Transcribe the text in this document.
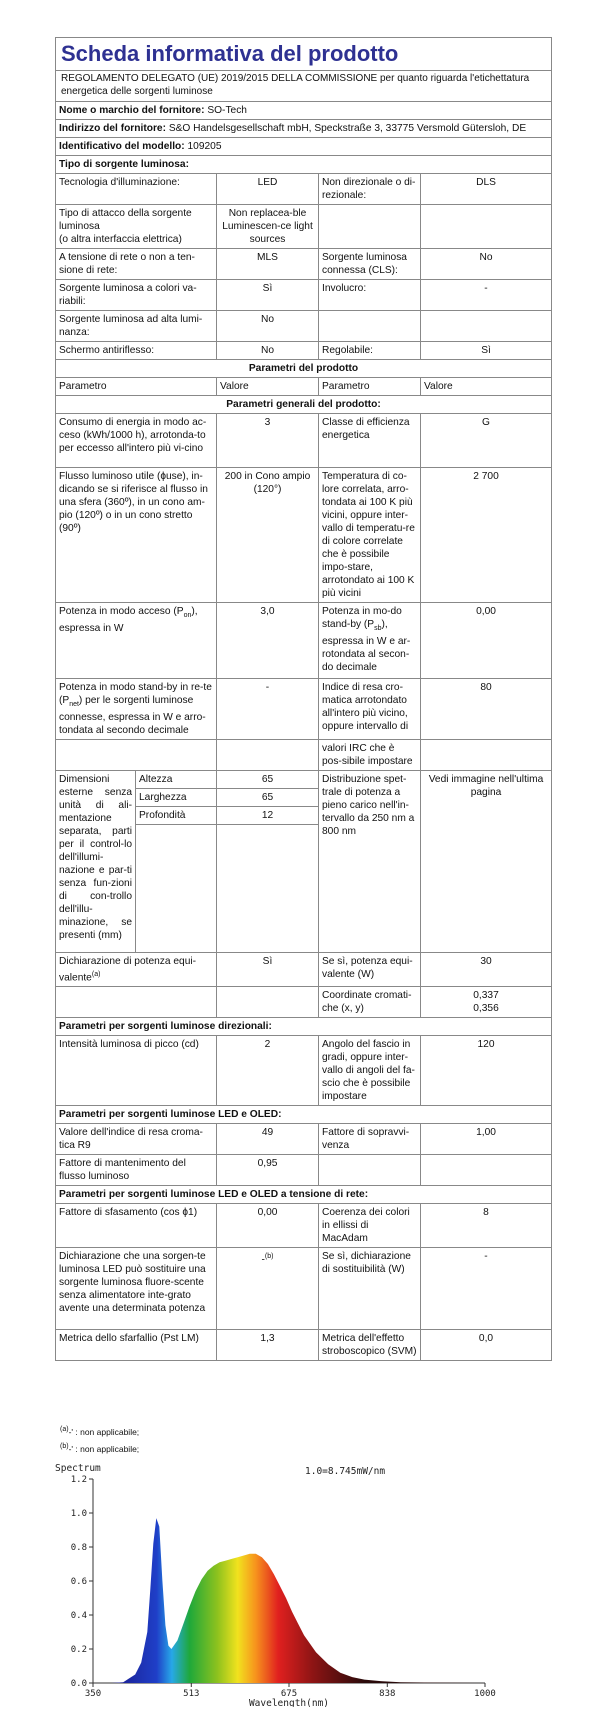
Scheda informativa del prodotto				
REGOLAMENTO DELEGATO (UE) 2019/2015 DELLA COMMISSIONE per quanto riguarda l'etichettatura energetica delle sorgenti luminose				
Nome o marchio del fornitore: SO-Tech				
Indirizzo del fornitore: S&O Handelsgesellschaft mbH, Speckstraße 3, 33775 Versmold Gütersloh, DE				
Identificativo del modello: 109205				
Tipo di sorgente luminosa:				
Tecnologia d'illuminazione:		LED	Non direzionale o di-rezionale:	DLS
Tipo di attacco della sorgente luminosa
(o altra interfaccia elettrica)		Non replacea-ble Luminescen-ce light sources		
A tensione di rete o non a ten-sione di rete:		MLS	Sorgente luminosa connessa (CLS):	No
Sorgente luminosa a colori va-riabili:		Sì	Involucro:	-
Sorgente luminosa ad alta lumi-nanza:		No		
Schermo antiriflesso:		No	Regolabile:	Sì
Parametri del prodotto				
Parametro		Valore	Parametro	Valore
Parametri generali del prodotto:				
Consumo di energia in modo ac-ceso (kWh/1000 h), arrotonda-to per eccesso all'intero più vi-cino		3	Classe di efficienza energetica	G
Flusso luminoso utile (ɸuse), in-dicando se si riferisce al flusso in una sfera (360º), in un cono am-pio (120º) o in un cono stretto (90º)		200 in Cono ampio (120°)	Temperatura di co-lore correlata, arro-tondata ai 100 K più vicini, oppure inter-vallo di temperatu-re di colore correlate che è possibile impo-stare, arrotondato ai 100 K più vicini	2 700
Potenza in modo acceso $(P_{on})$, espressa in W		3,0	Potenza in mo-do stand-by $(P_{sb})$, espressa in W e ar-rotondata al secon-do decimale	0,00
Potenza in modo stand-by in re-te $(P_{net})$ per le sorgenti luminose connesse, espressa in W e arro-tondata al secondo decimale		-	Indice di resa cro-matica arrotondato all'intero più vicino, oppure intervallo di	80
			valori IRC che è pos-sibile impostare	
Dimensioni esterne senza unità di ali-mentazione separata, parti per il control-lo dell'illumi-nazione e par-ti senza fun-zioni di con-trollo dell'illu-minazione, se presenti (mm)	Altezza	65	Distribuzione spet-trale di potenza a pieno carico nell'in-tervallo da 250 nm a 800 nm	Vedi immagine nell'ultima pagina
	Larghezza	65		
	Profondità	12		

Dichiarazione di potenza equi-valente$^{(a)}$		Sì	Se sì, potenza equi-valente (W)	30
			Coordinate cromati-che (x, y)	0,337
0,356
Parametri per sorgenti luminose direzionali:				
Intensità luminosa di picco (cd)		2	Angolo del fascio in gradi, oppure inter-vallo di angoli del fa-scio che è possibile impostare	120
Parametri per sorgenti luminose LED e OLED:				
Valore dell'indice di resa croma-tica R9		49	Fattore di sopravvi-venza	1,00
Fattore di mantenimento del flusso luminoso		0,95		
Parametri per sorgenti luminose LED e OLED a tensione di rete:				
Fattore di sfasamento (cos ɸ1)		0,00	Coerenza dei colori in ellissi di MacAdam	8
Dichiarazione che una sorgen-te luminosa LED può sostituire una sorgente luminosa fluore-scente senza alimentatore inte-grato avente una determinata potenza		-$^{(b)}$	Se sì, dichiarazione di sostituibilità (W)	-
Metrica dello sfarfallio (Pst LM)		1,3	Metrica dell'effetto stroboscopico (SVM)	0,0
$^{(a)}$-' : non applicabile;
$^{(b)}$-' : non applicabile;
0.0
0.2
0.4
0.6
0.8
1.0
1.2
350	513	675	838	1000
Spectrum	1.0=8.745mW/nm
Wavelength(nm)
